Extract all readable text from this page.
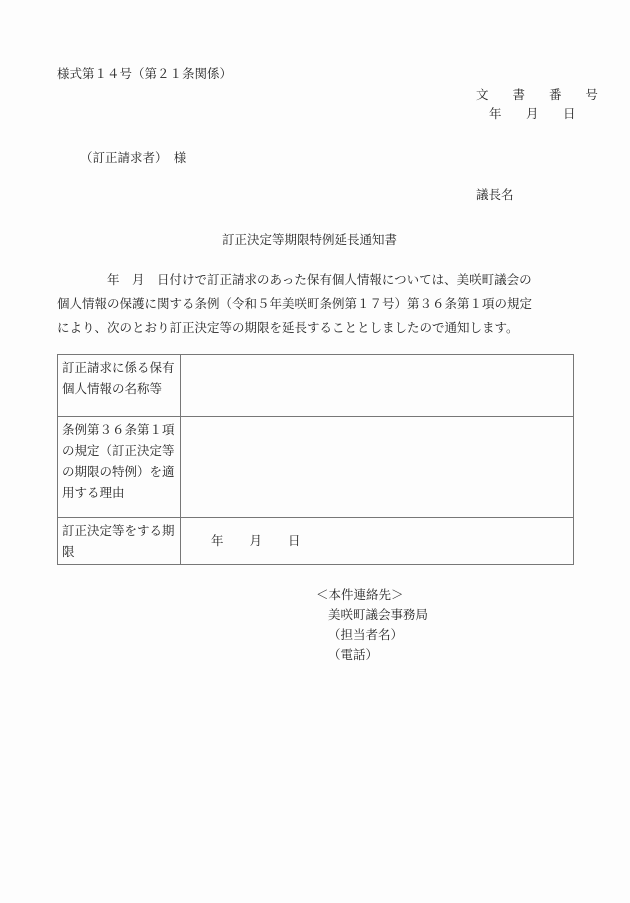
様式第１４号（第２１条関係）
文 書 番 号
年　月　日
（訂正請求者）　様
議長名
訂正決定等期限特例延長通知書

　　　　年　月　日付けで訂正請求のあった保有個人情報については、美咲町議会の

個人情報の保護に関する条例（令和５年美咲町条例第１７号）第３６条第１項の規定

により、次のとおり訂正決定等の期限を延長することとしましたので通知します。

訂正請求に係る保有個人情報の名称等	
条例第３６条第１項の規定（訂正決定等の期限の特例）を適用する理由	
訂正決定等をする期限	年 月 日
＜本件連絡先＞
美咲町議会事務局
（担当者名）
（電話）
